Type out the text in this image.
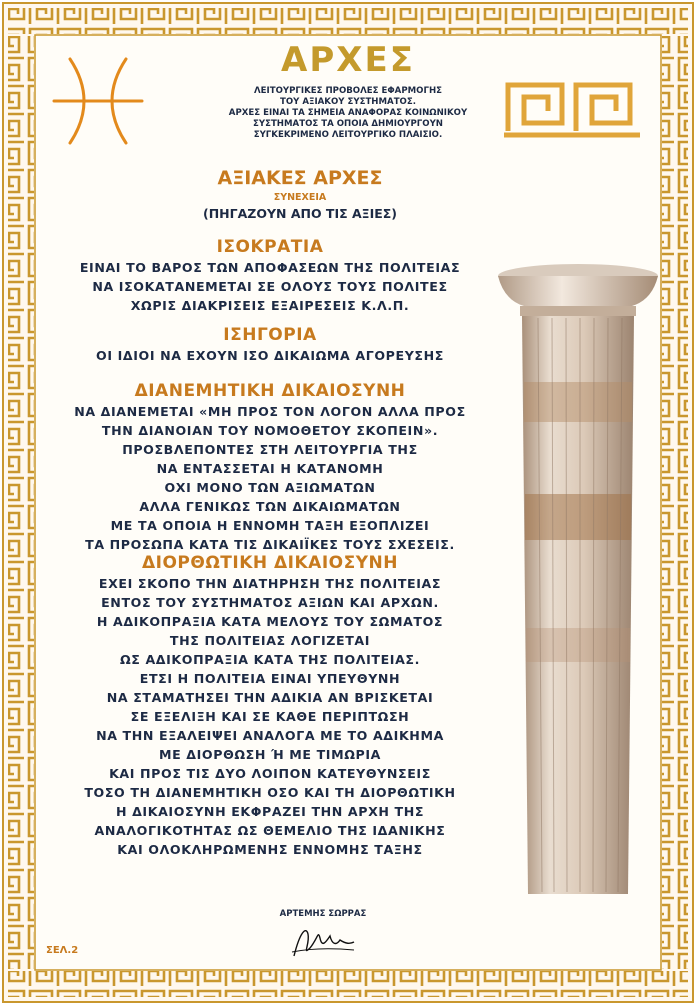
ΑΡΧΕΣ
ΛΕΙΤΟΥΡΓΙΚΕΣ ΠΡΟΒΟΛΕΣ ΕΦΑΡΜΟΓΗΣ
ΤΟΥ ΑΞΙΑΚΟΥ ΣΥΣΤΗΜΑΤΟΣ.
ΑΡΧΕΣ ΕΙΝΑΙ ΤΑ ΣΗΜΕΙΑ ΑΝΑΦΟΡΑΣ ΚΟΙΝΩΝΙΚΟΥ
ΣΥΣΤΗΜΑΤΟΣ ΤΑ ΟΠΟΙΑ ΔΗΜΙΟΥΡΓΟΥΝ
ΣΥΓΚΕΚΡΙΜΕΝΟ ΛΕΙΤΟΥΡΓΙΚΟ ΠΛΑΙΣΙΟ.
ΑΞΙΑΚΕΣ ΑΡΧΕΣ
ΣΥΝΕΧΕΙΑ
(ΠΗΓΑΖΟΥΝ ΑΠΟ ΤΙΣ ΑΞΙΕΣ)
ΙΣΟΚΡΑΤΙΑ
ΕΙΝΑΙ ΤΟ ΒΑΡΟΣ ΤΩΝ ΑΠΟΦΑΣΕΩΝ ΤΗΣ ΠΟΛΙΤΕΙΑΣ
ΝΑ ΙΣΟΚΑΤΑΝΕΜΕΤΑΙ ΣΕ ΟΛΟΥΣ ΤΟΥΣ ΠΟΛΙΤΕΣ
ΧΩΡΙΣ ΔΙΑΚΡΙΣΕΙΣ ΕΞΑΙΡΕΣΕΙΣ Κ.Λ.Π.
ΙΣΗΓΟΡΙΑ
ΟΙ ΙΔΙΟΙ ΝΑ ΕΧΟΥΝ ΙΣΟ ΔΙΚΑΙΩΜΑ ΑΓΟΡΕΥΣΗΣ
ΔΙΑΝΕΜΗΤΙΚΗ ΔΙΚΑΙΟΣΥΝΗ
ΝΑ ΔΙΑΝΕΜΕΤΑΙ «ΜΗ ΠΡΟΣ ΤΟΝ ΛΟΓΟΝ ΑΛΛΑ ΠΡΟΣ
ΤΗΝ ΔΙΑΝΟΙΑΝ ΤΟΥ ΝΟΜΟΘΕΤΟΥ ΣΚΟΠΕΙΝ».
ΠΡΟΣΒΛΕΠΟΝΤΕΣ ΣΤΗ ΛΕΙΤΟΥΡΓΙΑ ΤΗΣ
ΝΑ ΕΝΤΑΣΣΕΤΑΙ Η ΚΑΤΑΝΟΜΗ
ΟΧΙ ΜΟΝΟ ΤΩΝ ΑΞΙΩΜΑΤΩΝ
ΑΛΛΑ ΓΕΝΙΚΩΣ ΤΩΝ ΔΙΚΑΙΩΜΑΤΩΝ
ΜΕ ΤΑ ΟΠΟΙΑ Η ΕΝΝΟΜΗ ΤΑΞΗ ΕΞΟΠΛΙΖΕΙ
ΤΑ ΠΡΟΣΩΠΑ ΚΑΤΑ ΤΙΣ ΔΙΚΑΙΪΚΕΣ ΤΟΥΣ ΣΧΕΣΕΙΣ.
ΔΙΟΡΘΩΤΙΚΗ ΔΙΚΑΙΟΣΥΝΗ
ΕΧΕΙ ΣΚΟΠΟ ΤΗΝ ΔΙΑΤΗΡΗΣΗ ΤΗΣ ΠΟΛΙΤΕΙΑΣ
ΕΝΤΟΣ ΤΟΥ ΣΥΣΤΗΜΑΤΟΣ ΑΞΙΩΝ ΚΑΙ ΑΡΧΩΝ.
Η ΑΔΙΚΟΠΡΑΞΙΑ ΚΑΤΑ ΜΕΛΟΥΣ ΤΟΥ ΣΩΜΑΤΟΣ
ΤΗΣ ΠΟΛΙΤΕΙΑΣ ΛΟΓΙΖΕΤΑΙ
ΩΣ ΑΔΙΚΟΠΡΑΞΙΑ ΚΑΤΑ ΤΗΣ ΠΟΛΙΤΕΙΑΣ.
ΕΤΣΙ Η ΠΟΛΙΤΕΙΑ ΕΙΝΑΙ ΥΠΕΥΘΥΝΗ
ΝΑ ΣΤΑΜΑΤΗΣΕΙ ΤΗΝ ΑΔΙΚΙΑ ΑΝ ΒΡΙΣΚΕΤΑΙ
ΣΕ ΕΞΕΛΙΞΗ ΚΑΙ ΣΕ ΚΑΘΕ ΠΕΡΙΠΤΩΣΗ
ΝΑ ΤΗΝ ΕΞΑΛΕΙΨΕΙ ΑΝΑΛΟΓΑ ΜΕ ΤΟ ΑΔΙΚΗΜΑ
ΜΕ ΔΙΟΡΘΩΣΗ Ή ΜΕ ΤΙΜΩΡΙΑ
ΚΑΙ ΠΡΟΣ ΤΙΣ ΔΥΟ ΛΟΙΠΟΝ ΚΑΤΕΥΘΥΝΣΕΙΣ
ΤΟΣΟ ΤΗ ΔΙΑΝΕΜΗΤΙΚΗ ΟΣΟ ΚΑΙ ΤΗ ΔΙΟΡΘΩΤΙΚΗ
Η ΔΙΚΑΙΟΣΥΝΗ ΕΚΦΡΑΖΕΙ ΤΗΝ ΑΡΧΗ ΤΗΣ
ΑΝΑΛΟΓΙΚΟΤΗΤΑΣ ΩΣ ΘΕΜΕΛΙΟ ΤΗΣ ΙΔΑΝΙΚΗΣ
ΚΑΙ ΟΛΟΚΛΗΡΩΜΕΝΗΣ ΕΝΝΟΜΗΣ ΤΑΞΗΣ
ΑΡΤΕΜΗΣ ΣΩΡΡΑΣ
ΣΕΛ.2
